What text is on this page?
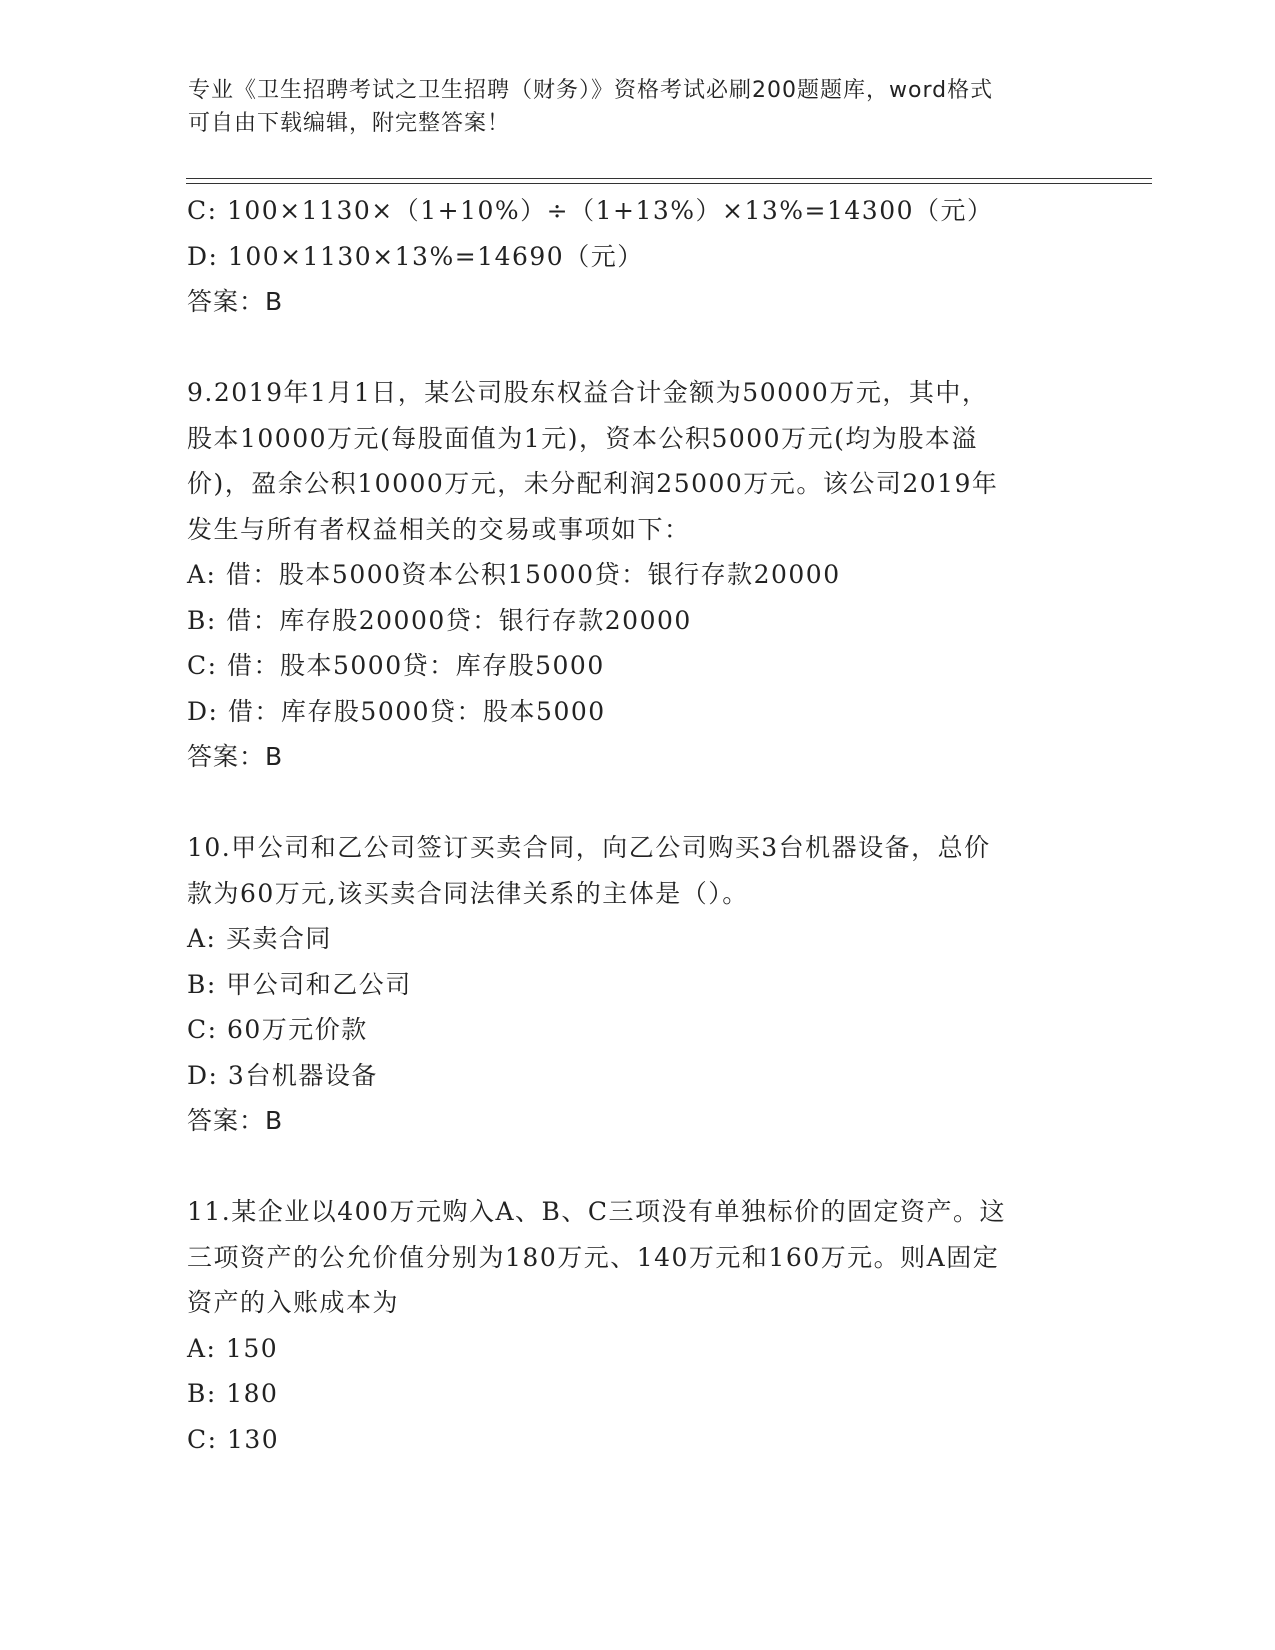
专业《卫生招聘考试之卫生招聘（财务）》资格考试必刷200题题库，word格式
可自由下载编辑，附完整答案！
C: 100×1130×（1+10%）÷（1+13%）×13%=14300（元）
D: 100×1130×13%=14690（元）
答案：B
9.2019年1月1日，某公司股东权益合计金额为50000万元，其中，
股本10000万元(每股面值为1元)，资本公积5000万元(均为股本溢
价)，盈余公积10000万元，未分配利润25000万元。该公司2019年
发生与所有者权益相关的交易或事项如下：
A: 借：股本5000资本公积15000贷：银行存款20000
B: 借：库存股20000贷：银行存款20000
C: 借：股本5000贷：库存股5000
D: 借：库存股5000贷：股本5000
答案：B
10.甲公司和乙公司签订买卖合同，向乙公司购买3台机器设备，总价
款为60万元,该买卖合同法律关系的主体是（）。
A: 买卖合同
B: 甲公司和乙公司
C: 60万元价款
D: 3台机器设备
答案：B
11.某企业以400万元购入A、B、C三项没有单独标价的固定资产。这
三项资产的公允价值分别为180万元、140万元和160万元。则A固定
资产的入账成本为
A: 150
B: 180
C: 130
